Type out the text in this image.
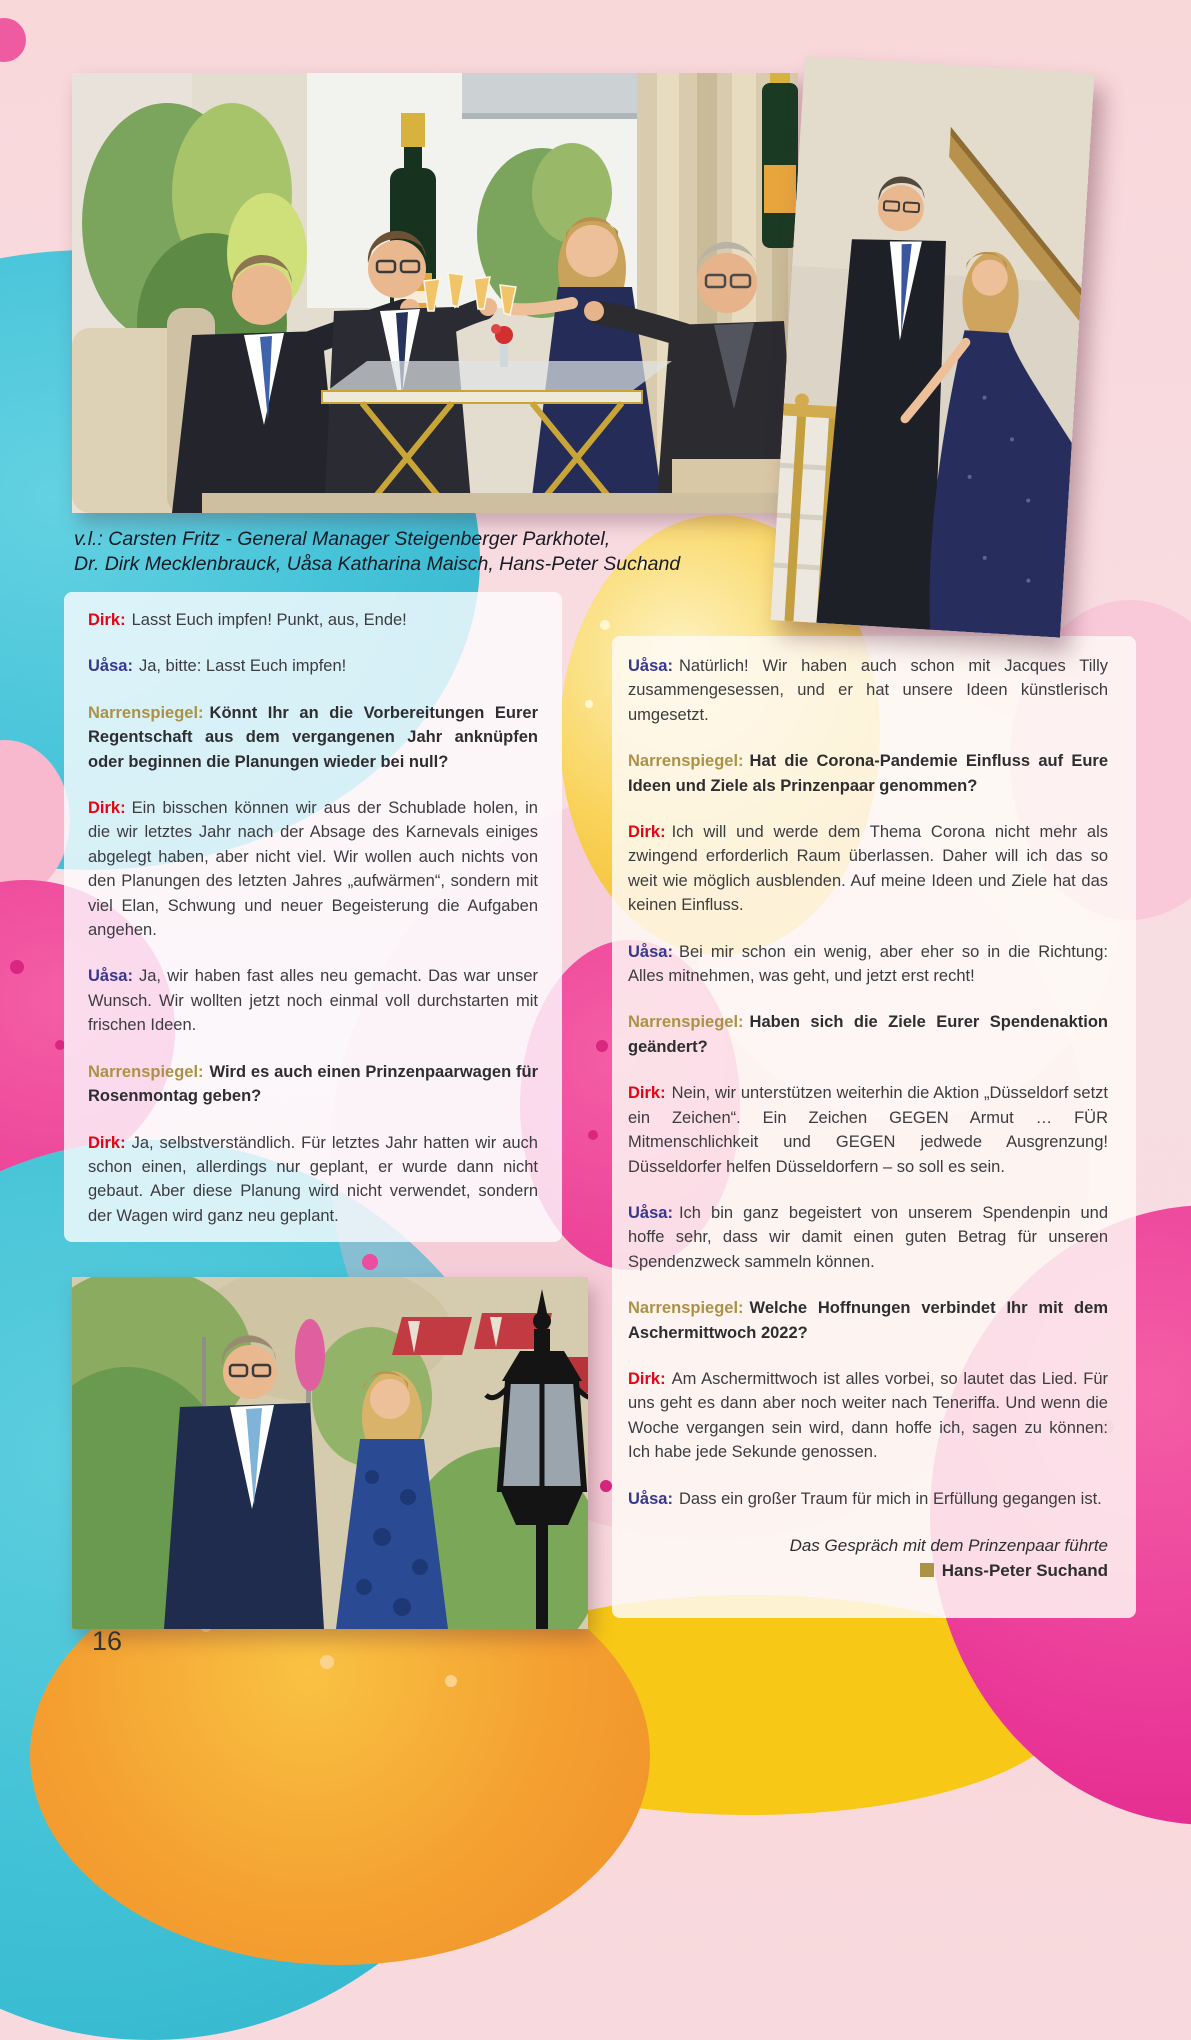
v.l.: Carsten Fritz - General Manager Steigenberger Parkhotel,
Dr. Dirk Mecklenbrauck, Uåsa Katharina Maisch, Hans-Peter Suchand

Dirk: Lasst Euch impfen! Punkt, aus, Ende!

Uåsa: Ja, bitte: Lasst Euch impfen!

Narrenspiegel: Könnt Ihr an die Vorbereitungen Eurer Regentschaft aus dem vergangenen Jahr anknüpfen oder beginnen die Planungen wieder bei null?

Dirk: Ein bisschen können wir aus der Schublade holen, in die wir letztes Jahr nach der Absage des Karnevals einiges abgelegt haben, aber nicht viel. Wir wollen auch nichts von den Planungen des letzten Jahres „aufwärmen“, sondern mit viel Elan, Schwung und neuer Begeisterung die Aufgaben angehen.

Uåsa: Ja, wir haben fast alles neu gemacht. Das war unser Wunsch. Wir wollten jetzt noch einmal voll durchstarten mit frischen Ideen.

Narrenspiegel: Wird es auch einen Prinzenpaarwagen für Rosenmontag geben?

Dirk: Ja, selbstverständlich. Für letztes Jahr hatten wir auch schon einen, allerdings nur geplant, er wurde dann nicht gebaut. Aber diese Planung wird nicht verwendet, sondern der Wagen wird ganz neu geplant.

Uåsa: Natürlich! Wir haben auch schon mit Jacques Tilly zusammengesessen, und er hat unsere Ideen künstlerisch umgesetzt.

Narrenspiegel: Hat die Corona-Pandemie Einfluss auf Eure Ideen und Ziele als Prinzenpaar genommen?

Dirk: Ich will und werde dem Thema Corona nicht mehr als zwingend erforderlich Raum überlassen. Daher will ich das so weit wie möglich ausblenden. Auf meine Ideen und Ziele hat das keinen Einfluss.

Uåsa: Bei mir schon ein wenig, aber eher so in die Richtung: Alles mitnehmen, was geht, und jetzt erst recht!

Narrenspiegel: Haben sich die Ziele Eurer Spendenaktion geändert?

Dirk: Nein, wir unterstützen weiterhin die Aktion „Düsseldorf setzt ein Zeichen“. Ein Zeichen GEGEN Armut … FÜR Mitmenschlichkeit und GEGEN jedwede Ausgrenzung! Düsseldorfer helfen Düsseldorfern – so soll es sein.

Uåsa: Ich bin ganz begeistert von unserem Spendenpin und hoffe sehr, dass wir damit einen guten Betrag für unseren Spendenzweck sammeln können.

Narrenspiegel: Welche Hoffnungen verbindet Ihr mit dem Aschermittwoch 2022?

Dirk: Am Aschermittwoch ist alles vorbei, so lautet das Lied. Für uns geht es dann aber noch weiter nach Teneriffa. Und wenn die Woche vergangen sein wird, dann hoffe ich, sagen zu können: Ich habe jede Sekunde genossen.

Uåsa: Dass ein großer Traum für mich in Erfüllung gegangen ist.

Das Gespräch mit dem Prinzenpaar führte
Hans-Peter Suchand
16
